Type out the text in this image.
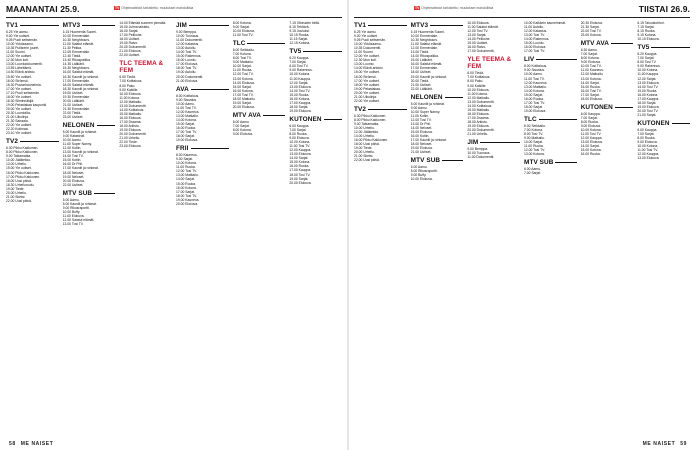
MAANANTAI 25.9.	TV Ohjelmatiedot tarkistettu; muutokset mahdollisia
TV1
6.25 Yle aamu.
9.00 Yle uutiset.
9.05 Puoli seitsemän.
10.00 Ykkösaamu.
10.35 Pulitzerin juuret.
11.00 Suomi.
12.00 Yle uutiset.
12.30 Mun koti.
13.00 Luontodokumentti.
13.55 Lähettämö.
14.50 Elävä arkisto.
15.50 Yle uutiset.
16.00 Strömsö.
16.30 Puutarhaunelmia.
17.00 Yle uutiset.
17.10 Puoli seitsemän.
18.00 Yle uutiset.
18.30 Silminnäkijä.
19.00 Pelastakaa kaupunki.
20.00 Yle uutiset.
20.30 Luontoilta.
21.00 Ulkolinja.
21.30 Sairaala.
22.00 Yle uutiset.
22.20 Kotimaa.
23.10 Yle uutiset.
TV2
6.30 Pikku Kakkonen.
8.00 Pikku Kakkonen.
9.00 Taikamatka.
10.00 Jääkiekko.
13.00 Urheilu.
15.00 Yle uutiset.
16.00 Pikku Kakkonen.
17.00 Pikku Kakkonen.
18.00 Uusi päivä.
18.30 Urheiluruutu.
19.00 Tiede.
20.00 Urheilu.
21.00 Sketsi.
22.00 Uusi päivä.
MTV3
6.15 Huomenta Suomi.
10.00 Emmerdale.
10.30 Neighbours.
11.00 Salatut elämät.
11.30 Pekka.
12.05 Emmerdale.
12.40 Tiedä.
13.40 Rikospaikka.
14.35 Lääkärit.
15.30 Neighbours.
16.00 Salatut elämät.
16.30 Kauniit ja rohkeat.
17.00 Emmerdale.
18.00 Salatut elämät.
18.30 Kauniit ja rohkeat.
19.00 Uutiset.
19.30 Emmerdale.
20.00 Lääkärit.
21.00 Uutiset.
21.30 Emmerdale.
22.00 Tiedä.
23.00 Uutiset.
NELONEN
8.00 Kauniit ja rohkeat.
9.00 Katastrofi.
10.00 Aamu.
11.00 Super Nanny.
12.00 Kotiin.
13.00 Kauniit ja rohkeat.
14.00 Tosi TV.
15.00 Kotiin.
16.00 Dr Phil.
17.00 Kauniit ja rohkeat.
18.00 Neloset.
19.00 Neloset.
20.00 Elokuva.
22.00 Uutiset.
MTV SUB
6.00 Aamu.
8.00 Kauniit ja rohkeat.
9.00 Rikosraportti.
10.00 Buffy.
11.00 Elokuva.
12.00 Salatut elämät.
13.00 Tosi TV.
14.00 Elämää suomen pinnalla.
15.00 Julma taistelu.
16.00 Sarjat.
17.00 Pelikone.
18.00 Uutiset.
19.00 Raivo.
20.00 Dokumentti.
21.00 Elokuva.
22.00 Uutiset.
TLC TEEMA & FEM
6.00 Tiedä.
7.00 Kotitalous.
8.00 Pako.
9.00 Kaikille.
10.00 Elokuva.
11.00 Kotona.
12.00 Matkailu.
13.00 Dokumentti.
14.00 Kotitalous.
15.00 Matkailu.
16.00 Elokuva.
17.00 Draama.
18.00 Arkisto.
19.00 Elokuva.
20.00 Dokumentti.
21.00 Urheilu.
22.00 Tiede.
23.00 Elokuva.
JIM
9.00 Bemppa.
10.00 Tuunaus.
11.00 Dokumentti.
12.00 Kalastus.
13.00 Autoilu.
14.00 Tosi TV.
15.00 Rakennus.
16.00 Luonto.
17.00 Elokuva.
18.00 Tosi TV.
19.00 Autoilu.
20.00 Dokumentti.
21.00 Elokuva.
AVA
8.00 Kotitalous.
9.00 Sisustus.
10.00 Aamu.
11.00 Tosi TV.
12.00 Kauneus.
13.00 Matkailu.
14.00 Kotona.
15.00 Sarjat.
16.00 Ruoka.
17.00 Tosi TV.
18.00 Sarjat.
19.00 Elokuva.
FRII
8.00 Kauneus.
9.00 Sarjat.
10.00 Kotona.
11.00 Ruoka.
12.00 Tosi TV.
13.00 Matkailu.
14.00 Sarjat.
15.00 Ruoka.
16.00 Kotona.
17.00 Sarjat.
18.00 Tosi TV.
19.00 Kauneus.
20.00 Elokuva.
8.00 Kotona.
9.00 Sarjat.
10.00 Elokuva.
11.00 Tosi TV.
TLC
6.00 Seikkailu.
7.00 Kotona.
8.00 Tosi TV.
9.00 Matkailu.
10.00 Sarjat.
11.00 Ruoka.
12.00 Tosi TV.
13.00 Kotona.
14.00 Elokuva.
15.00 Sarjat.
16.00 Kotona.
17.00 Tosi TV.
18.00 Matkailu.
19.00 Sarjat.
20.00 Elokuva.
MTV AVA
6.00 Aamu.
7.00 Sarjat.
8.00 Kotona.
9.00 Elokuva.
7.15 Oikeuden tiellä.
8.15 Tehtävä.
9.15 Jouluksi.
10.15 Ruoka.
11.15 Sarjat.
12.15 Kotona.
TV5
6.20 Kauppa.
7.00 Sarjat.
8.00 Tosi TV.
9.00 Rakennus.
10.00 Kotona.
11.00 Kauppa.
12.00 Sarjat.
13.00 Elokuva.
14.00 Tosi TV.
15.00 Ruoka.
16.00 Kotona.
17.00 Kauppa.
18.00 Sarjat.
19.00 Elokuva.
KUTONEN
6.00 Kauppa.
7.00 Sarjat.
8.00 Ruoka.
9.00 Elokuva.
10.00 Kotona.
11.00 Tosi TV.
12.00 Kauppa.
13.00 Elokuva.
14.00 Sarjat.
15.00 Kotona.
16.00 Ruoka.
17.00 Kauppa.
18.00 Tosi TV.
19.00 Sarjat.
20.00 Elokuva.
58 ME NAISET
TV Ohjelmatiedot tarkistettu; muutokset mahdollisia	TIISTAI 26.9.
TV1
6.25 Yle aamu.
9.00 Yle uutiset.
9.05 Puoli seitsemän.
10.00 Ykkösaamu.
10.35 Dokumentti.
11.00 Suomi.
12.00 Yle uutiset.
12.30 Mun koti.
13.00 Luonto.
14.00 Elävä arkisto.
15.00 Yle uutiset.
16.00 Strömsö.
17.00 Yle uutiset.
18.00 Yle uutiset.
19.00 Pelastakaa.
20.00 Yle uutiset.
21.00 Ulkolinja.
22.00 Yle uutiset.
TV2
6.30 Pikku Kakkonen.
8.00 Pikku Kakkonen.
9.00 Taikamatka.
10.00 Urheilu.
12.00 Jääkiekko.
14.00 Urheilu.
16.00 Pikku Kakkonen.
18.00 Uusi päivä.
19.00 Tiede.
20.00 Urheilu.
21.00 Sketsi.
22.00 Uusi päivä.
MTV3
6.15 Huomenta Suomi.
10.00 Emmerdale.
10.30 Neighbours.
11.00 Salatut elämät.
12.00 Emmerdale.
13.00 Tiedä.
14.00 Rikospaikka.
15.00 Lääkärit.
16.00 Salatut elämät.
17.00 Emmerdale.
18.00 Uutiset.
19.00 Kauniit ja rohkeat.
20.00 Tiedä.
21.00 Uutiset.
22.00 Lääkärit.
NELONEN
8.00 Kauniit ja rohkeat.
9.00 Aamu.
10.00 Super Nanny.
11.00 Kotiin.
12.00 Tosi TV.
13.00 Dr Phil.
14.00 Neloset.
15.00 Elokuva.
16.00 Kotiin.
17.00 Kauniit ja rohkeat.
18.00 Neloset.
19.00 Elokuva.
21.00 Uutiset.
MTV SUB
6.00 Aamu.
8.00 Rikosraportti.
9.00 Buffy.
10.00 Elokuva.
10.00 Elokuva.
11.00 Salatut elämät.
12.00 Tosi TV.
13.00 Sarjat.
14.00 Pelikone.
15.00 Uutiset.
16.00 Raivo.
17.00 Dokumentti.
YLE TEEMA & FEM
6.00 Tiedä.
7.00 Kotitalous.
8.00 Pako.
9.00 Kaikille.
10.00 Elokuva.
11.00 Kotona.
12.00 Matkailu.
13.00 Dokumentti.
14.00 Kotitalous.
15.00 Matkailu.
16.00 Elokuva.
17.00 Draama.
18.00 Arkisto.
19.00 Elokuva.
20.00 Dokumentti.
21.00 Urheilu.
JIM
9.00 Bemppa.
10.00 Tuunaus.
11.00 Dokumentti.
10.00 Kaikkein kauneimmat.
11.00 Autoilu.
12.00 Kalastus.
13.00 Tosi TV.
14.00 Rakennus.
15.00 Luonto.
16.00 Elokuva.
17.00 Tosi TV.
LIV
8.00 Kotitalous.
9.00 Sisustus.
10.00 Aamu.
11.00 Tosi TV.
12.00 Kauneus.
13.00 Matkailu.
14.00 Kotona.
15.00 Sarjat.
16.00 Ruoka.
17.00 Tosi TV.
18.00 Sarjat.
19.00 Elokuva.
TLC
6.00 Seikkailu.
7.00 Kotona.
8.00 Tosi TV.
9.00 Matkailu.
10.00 Sarjat.
11.00 Ruoka.
12.00 Tosi TV.
13.00 Kotona.
MTV SUB
6.00 Aamu.
7.00 Sarjat.
20.30 Elokuva.
21.30 Sarjat.
22.00 Tosi TV.
23.00 Kotona.
MTV AVA
6.30 Aamu.
7.00 Sarjat.
8.00 Kotona.
9.00 Elokuva.
10.00 Tosi TV.
11.00 Kauneus.
12.00 Matkailu.
13.00 Kotona.
14.00 Sarjat.
15.00 Ruoka.
16.00 Tosi TV.
17.00 Sarjat.
18.00 Elokuva.
KUTONEN
6.00 Kauppa.
7.00 Sarjat.
8.00 Ruoka.
9.00 Elokuva.
10.00 Kotona.
11.00 Tosi TV.
12.00 Kauppa.
13.00 Elokuva.
14.00 Sarjat.
15.00 Kotona.
16.00 Ruoka.
6.15 Taloustohtori.
7.15 Sarjat.
8.15 Ruoka.
9.15 Kotona.
10.15 Elokuva.
TV5
6.20 Kauppa.
7.00 Sarjat.
8.00 Tosi TV.
9.00 Rakennus.
10.00 Kotona.
11.00 Kauppa.
12.00 Sarjat.
13.00 Elokuva.
14.00 Tosi TV.
15.00 Ruoka.
16.00 Kotona.
17.00 Kauppa.
18.00 Sarjat.
19.00 Elokuva.
20.00 Tosi TV.
21.00 Sarjat.
KUTONEN
6.00 Kauppa.
7.00 Sarjat.
8.00 Ruoka.
9.00 Elokuva.
10.00 Kotona.
11.00 Tosi TV.
12.00 Kauppa.
13.00 Elokuva.
ME NAISET 59
